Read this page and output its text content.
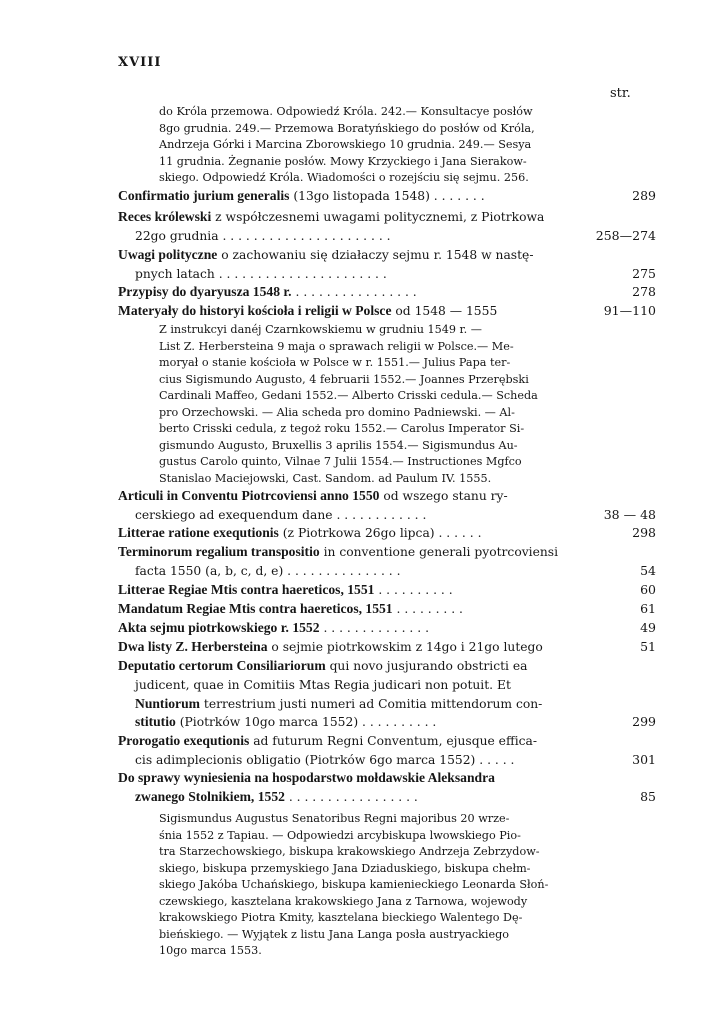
XVIII
str.
do Króla przemowa. Odpowiedź Króla. 242.— Konsultacye posłów
8go grudnia. 249.— Przemowa Boratyńskiego do posłów od Króla,
Andrzeja Górki i Marcina Zborowskiego 10 grudnia. 249.— Sesya
11 grudnia. Żegnanie posłów. Mowy Krzyckiego i Jana Sierakow-
skiego. Odpowiedź Króla. Wiadomości o rozejściu się sejmu. 256.
Confirmatio jurium generalis (13go listopada 1548) . . . . . . .	289
Reces królewski z współczesnemi uwagami politycznemi, z Piotrkowa
22go grudnia . . . . . . . . . . . . . . . . . . . . . .	258—274
Uwagi polityczne o zachowaniu się działaczy sejmu r. 1548 w nastę-
pnych latach . . . . . . . . . . . . . . . . . . . . . .	275
Przypisy do dyaryusza 1548 r. . . . . . . . . . . . . . . . .	278
Materyały do historyi kościoła i religii w Polsce od 1548 — 1555	91—110
Z instrukcyi danéj Czarnkowskiemu w grudniu 1549 r. —
List Z. Herbersteina 9 maja o sprawach religii w Polsce.— Me-
moryał o stanie kościoła w Polsce w r. 1551.— Julius Papa ter-
cius Sigismundo Augusto, 4 februarii 1552.— Joannes Przerębski
Cardinali Maffeo, Gedani 1552.— Alberto Crisski cedula.— Scheda
pro Orzechowski. — Alia scheda pro domino Padniewski. — Al-
berto Crisski cedula, z tegoż roku 1552.— Carolus Imperator Si-
gismundo Augusto, Bruxellis 3 aprilis 1554.— Sigismundus Au-
gustus Carolo quinto, Vilnae 7 Julii 1554.— Instructiones Mgfco
Stanislao Maciejowski, Cast. Sandom. ad Paulum IV. 1555.
Articuli in Conventu Piotrcoviensi anno 1550 od wszego stanu ry-
cerskiego ad exequendum dane . . . . . . . . . . . .	38 — 48
Litterae ratione exequtionis (z Piotrkowa 26go lipca) . . . . . .	298
Terminorum regalium transpositio in conventione generali pyotrcoviensi
facta 1550 (a, b, c, d, e) . . . . . . . . . . . . . . .	54
Litterae Regiae Mtis contra haereticos, 1551 . . . . . . . . . .	60
Mandatum Regiae Mtis contra haereticos, 1551 . . . . . . . . .	61
Akta sejmu piotrkowskiego r. 1552 . . . . . . . . . . . . . .	49
Dwa listy Z. Herbersteina o sejmie piotrkowskim z 14go i 21go lutego	51
Deputatio certorum Consiliariorum qui novo jusjurando obstricti ea
judicent, quae in Comitiis Mtas Regia judicari non potuit. Et
Nuntiorum terrestrium justi numeri ad Comitia mittendorum con-
stitutio (Piotrków 10go marca 1552) . . . . . . . . . .	299
Prorogatio exequtionis ad futurum Regni Conventum, ejusque effica-
cis adimplecionis obligatio (Piotrków 6go marca 1552) . . . . .	301
Do sprawy wyniesienia na hospodarstwo mołdawskie Aleksandra
zwanego Stolnikiem, 1552 . . . . . . . . . . . . . . . . .	85
Sigismundus Augustus Senatoribus Regni majoribus 20 wrze-
śnia 1552 z Tapiau. — Odpowiedzi arcybiskupa lwowskiego Pio-
tra Starzechowskiego, biskupa krakowskiego Andrzeja Zebrzydow-
skiego, biskupa przemyskiego Jana Dziaduskiego, biskupa chełm-
skiego Jakóba Uchańskiego, biskupa kamienieckiego Leonarda Słoń-
czewskiego, kasztelana krakowskiego Jana z Tarnowa, wojewody
krakowskiego Piotra Kmity, kasztelana bieckiego Walentego Dę-
bieńskiego. — Wyjątek z listu Jana Langa posła austryackiego
10go marca 1553.
